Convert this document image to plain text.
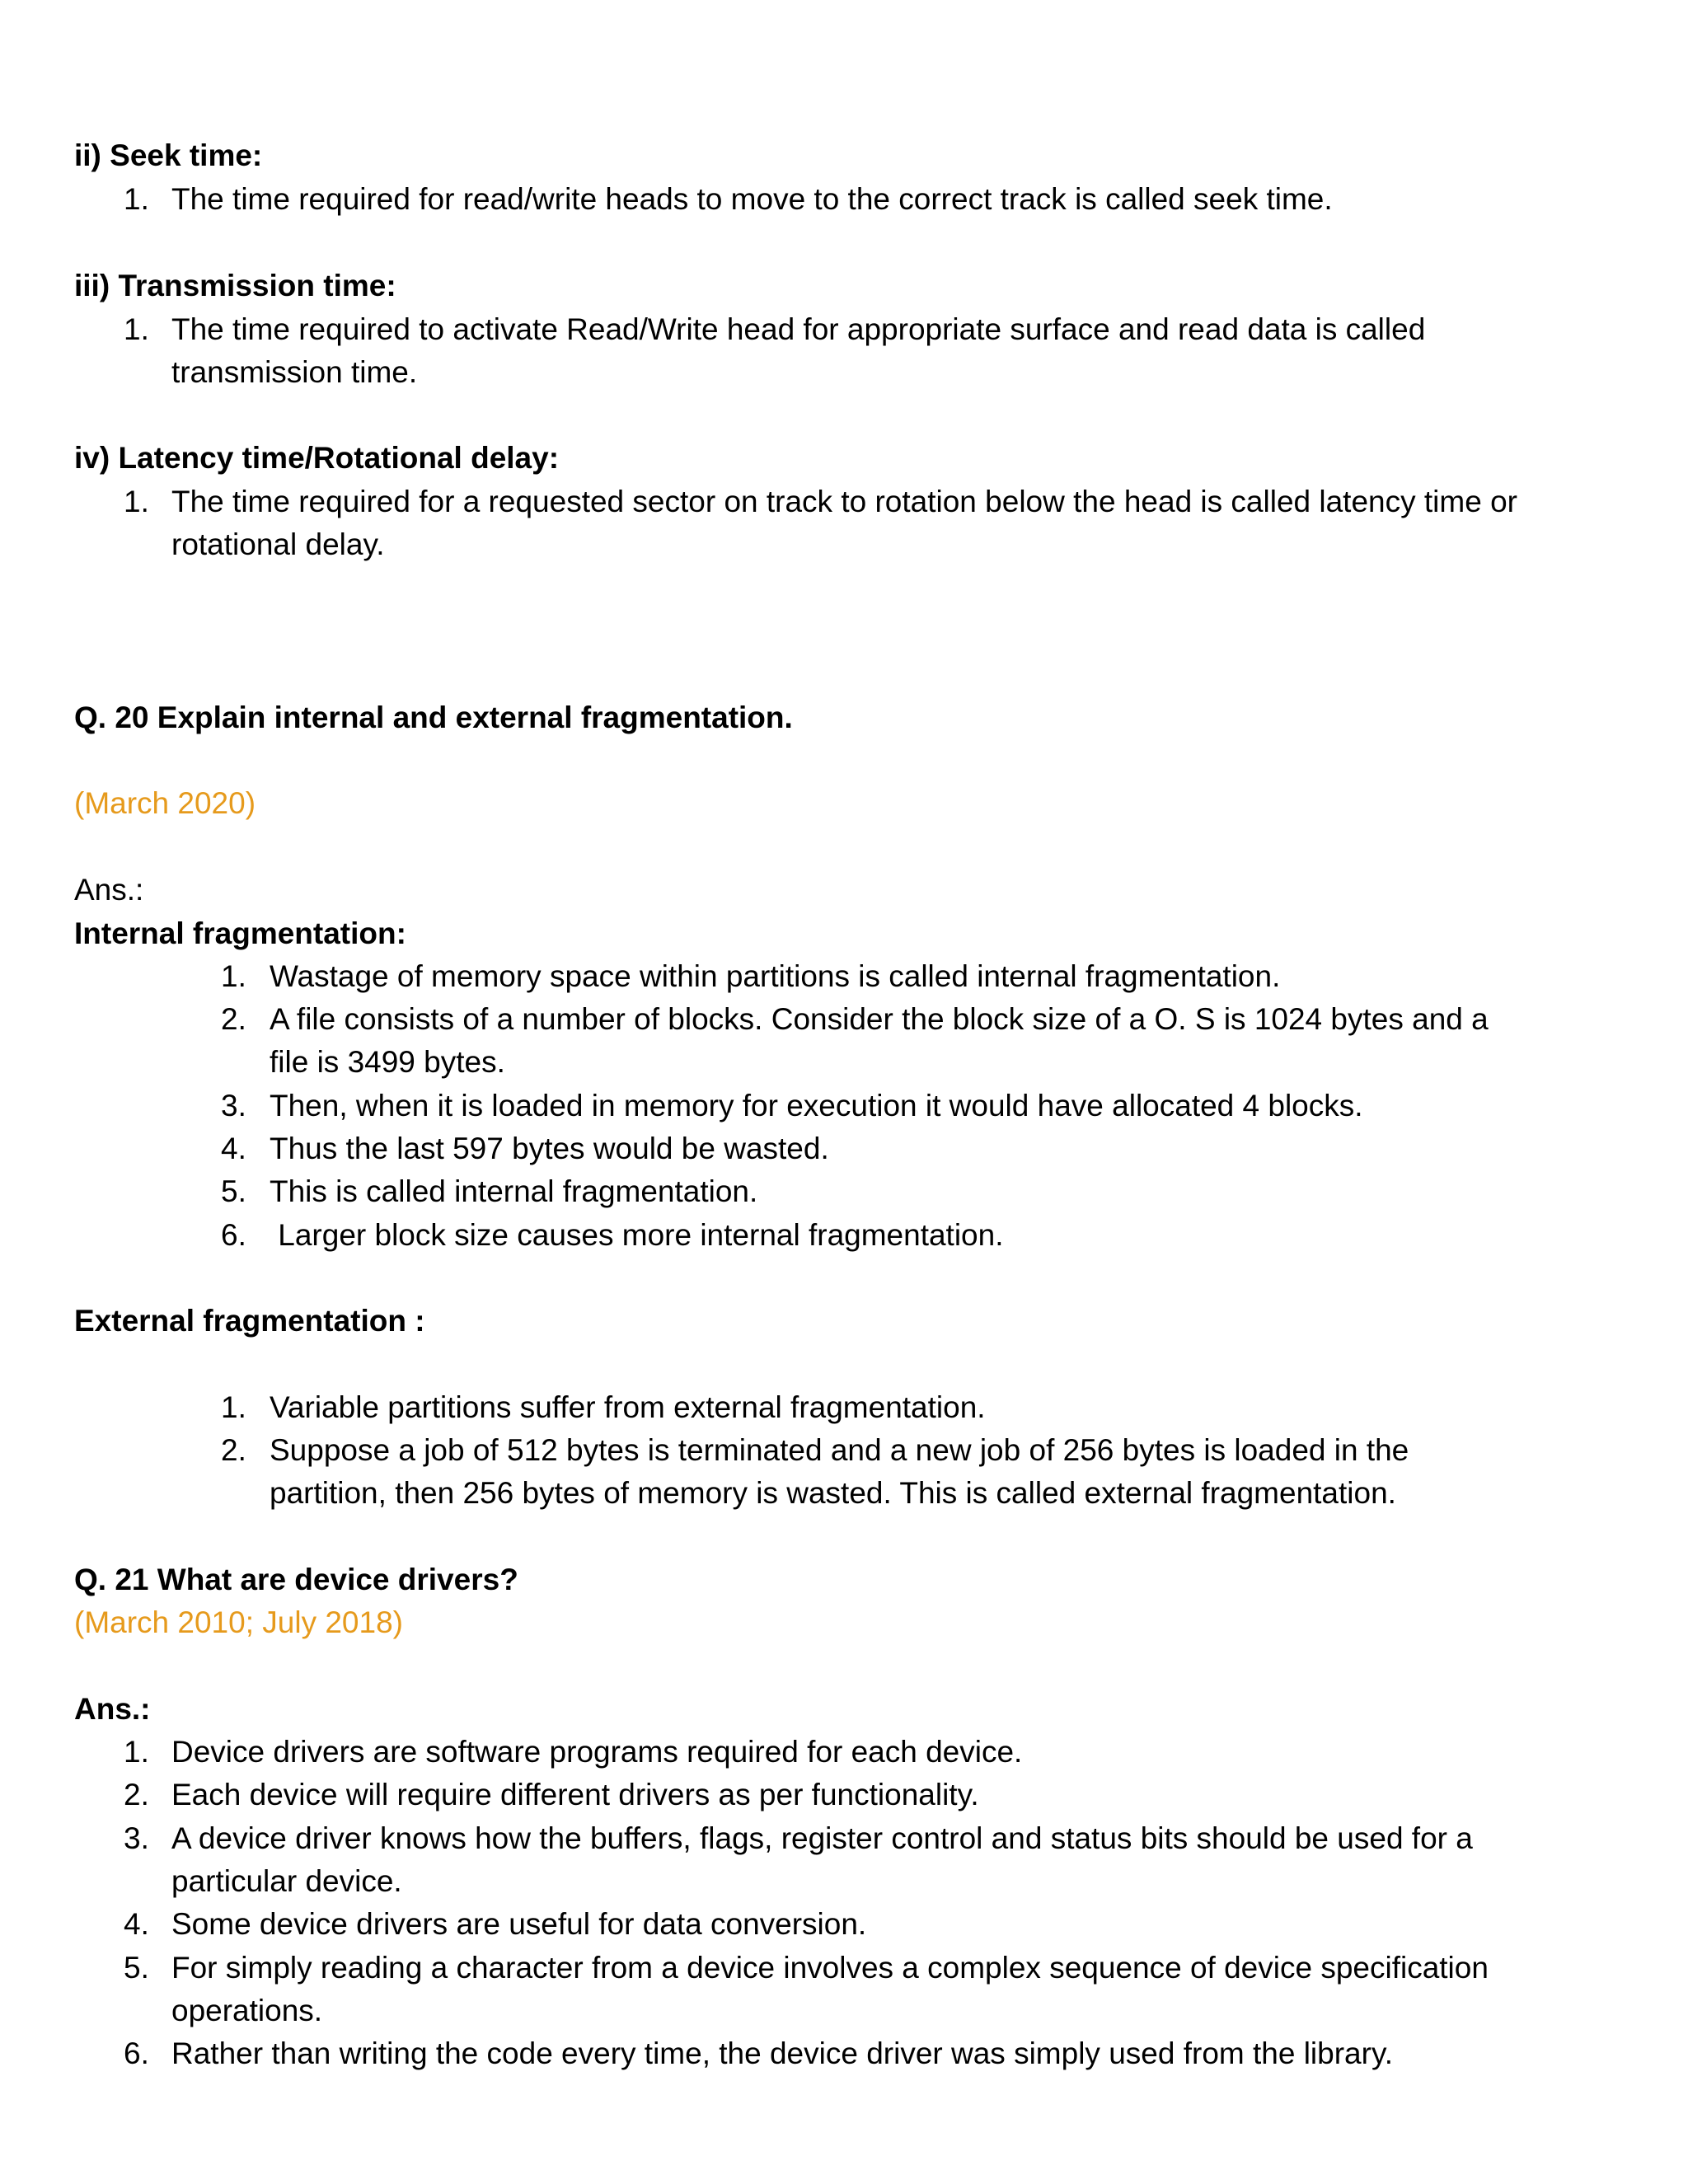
ii) Seek time:

1. The time required for read/write heads to move to the correct track is called seek time.

iii) Transmission time:

1. The time required to activate Read/Write head for appropriate surface and read data is called

transmission time.

iv) Latency time/Rotational delay:

1. The time required for a requested sector on track to rotation below the head is called latency time or

rotational delay.

Q. 20 Explain internal and external fragmentation.

(March 2020)

Ans.:

Internal fragmentation:

1. Wastage of memory space within partitions is called internal fragmentation.

2. A file consists of a number of blocks. Consider the block size of a O. S is 1024 bytes and a

file is 3499 bytes.

3. Then, when it is loaded in memory for execution it would have allocated 4 blocks.

4. Thus the last 597 bytes would be wasted.

5. This is called internal fragmentation.

6. Larger block size causes more internal fragmentation.

External fragmentation :

1. Variable partitions suffer from external fragmentation.

2. Suppose a job of 512 bytes is terminated and a new job of 256 bytes is loaded in the

partition, then 256 bytes of memory is wasted. This is called external fragmentation.

Q. 21 What are device drivers?

(March 2010; July 2018)

Ans.:

1. Device drivers are software programs required for each device.

2. Each device will require different drivers as per functionality.

3. A device driver knows how the buffers, flags, register control and status bits should be used for a

particular device.

4. Some device drivers are useful for data conversion.

5. For simply reading a character from a device involves a complex sequence of device specification

operations.

6. Rather than writing the code every time, the device driver was simply used from the library.
